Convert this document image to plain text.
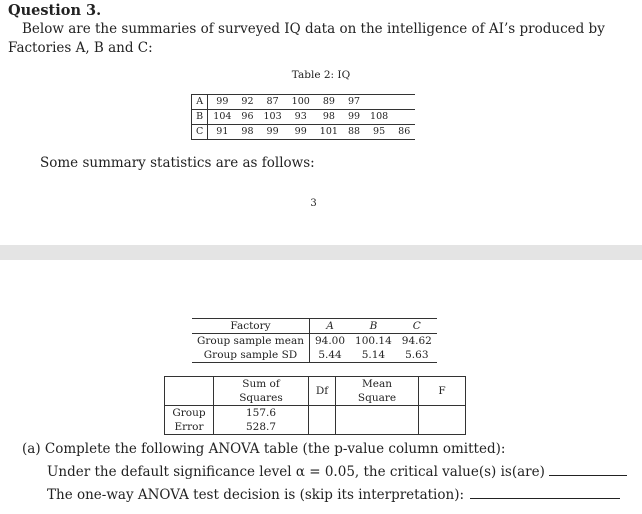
Question 3.
Below are the summaries of surveyed IQ data on the intelligence of AI’s produced by
Factories A, B and C:
Table 2: IQ
A	99	92	87	100	89	97		
B	104	96	103	93	98	99	108	
C	91	98	99	99	101	88	95	86
Some summary statistics are as follows:
3
Factory	A	B	C
Group sample mean	94.00	100.14	94.62
Group sample SD	5.44	5.14	5.63
	Sum of Squares	Df	Mean Square	F
Group	157.6			
Error	528.7			
(a) Complete the following ANOVA table (the p-value column omitted):
Under the default significance level α = 0.05, the critical value(s) is(are)
The one-way ANOVA test decision is (skip its interpretation):
